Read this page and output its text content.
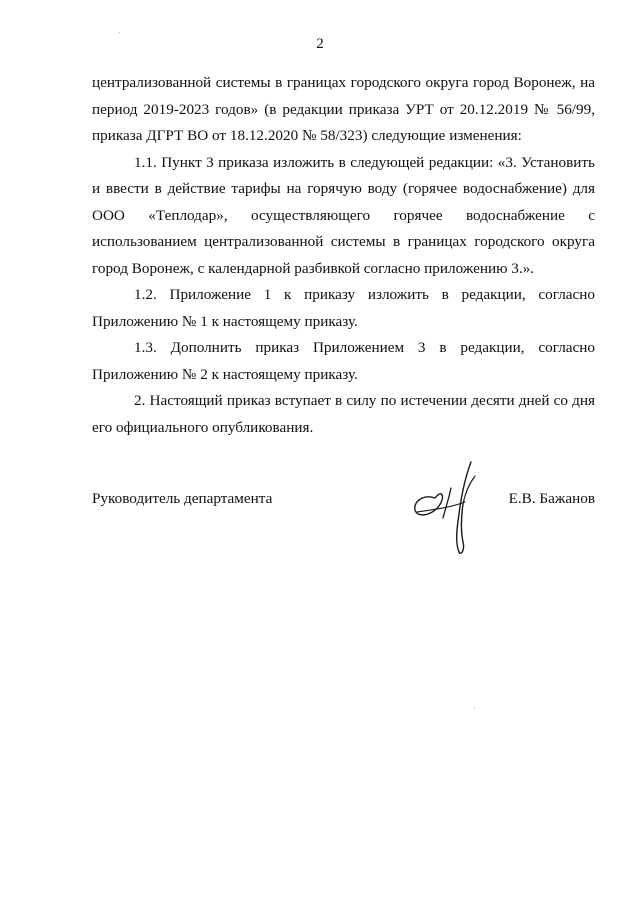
2

централизованной системы в границах городского округа город Воронеж, на период 2019-2023 годов» (в редакции приказа УРТ от 20.12.2019 № 56/99, приказа ДГРТ ВО от 18.12.2020 № 58/323) следующие изменения:

1.1. Пункт 3 приказа изложить в следующей редакции: «3. Установить и ввести в действие тарифы на горячую воду (горячее водоснабжение) для ООО «Теплодар», осуществляющего горячее водоснабжение с использованием централизованной системы в границах городского округа город Воронеж, с календарной разбивкой согласно приложению 3.».

1.2. Приложение 1 к приказу изложить в редакции, согласно Приложению № 1 к настоящему приказу.

1.3. Дополнить приказ Приложением 3 в редакции, согласно Приложению № 2 к настоящему приказу.

2. Настоящий приказ вступает в силу по истечении десяти дней со дня его официального опубликования.

Руководитель департамента	Е.В. Бажанов
